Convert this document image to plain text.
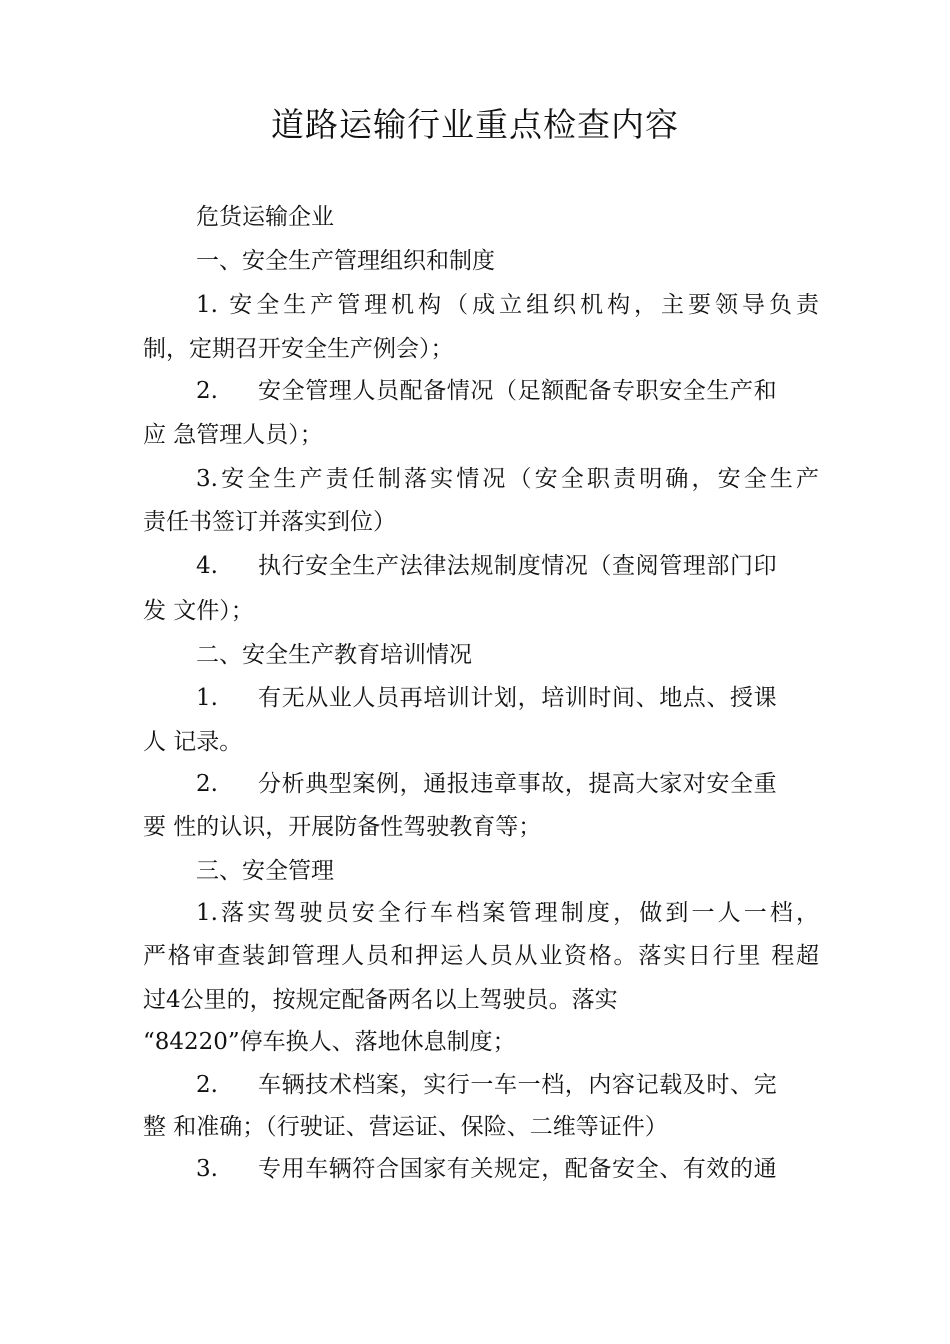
道路运输行业重点检查内容
危货运输企业
一、安全生产管理组织和制度
1. 安全生产管理机构（成立组织机构，主要领导负责
制，定期召开安全生产例会）；
2. 安全管理人员配备情况（足额配备专职安全生产和
应 急管理人员）；
3.安全生产责任制落实情况（安全职责明确，安全生产
责任书签订并落实到位）
4. 执行安全生产法律法规制度情况（查阅管理部门印
发 文件）；
二、安全生产教育培训情况
1. 有无从业人员再培训计划，培训时间、地点、授课
人 记录。
2. 分析典型案例，通报违章事故，提高大家对安全重
要 性的认识，开展防备性驾驶教育等；
三、安全管理
1.落实驾驶员安全行车档案管理制度，做到一人一档，
严格审查装卸管理人员和押运人员从业资格。落实日行里 程超
过4公里的，按规定配备两名以上驾驶员。落实
“84220”停车换人、落地休息制度；
2. 车辆技术档案，实行一车一档，内容记载及时、完
整 和准确；（行驶证、营运证、保险、二维等证件）
3. 专用车辆符合国家有关规定，配备安全、有效的通
